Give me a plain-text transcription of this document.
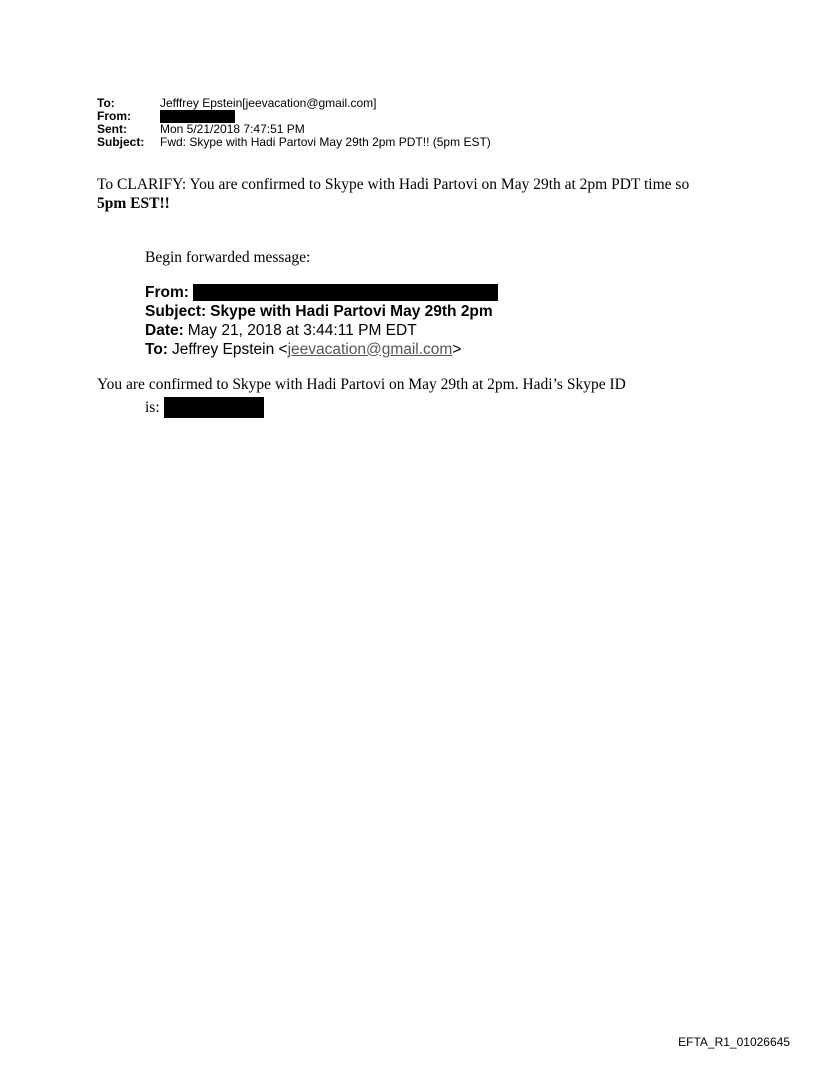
To:	Jefffrey Epstein[jeevacation@gmail.com]
From:
Sent:	Mon 5/21/2018 7:47:51 PM
Subject:	Fwd: Skype with Hadi Partovi May 29th 2pm PDT!! (5pm EST)
To CLARIFY: You are confirmed to Skype with Hadi Partovi on May 29th at 2pm PDT time so
5pm EST!!
Begin forwarded message:
From:
Subject: Skype with Hadi Partovi May 29th 2pm
Date: May 21, 2018 at 3:44:11 PM EDT
To: Jeffrey Epstein < jeevacation@gmail.com >
You are confirmed to Skype with Hadi Partovi on May 29th at 2pm. Hadi’s Skype ID
is:
EFTA_R1_01026645
